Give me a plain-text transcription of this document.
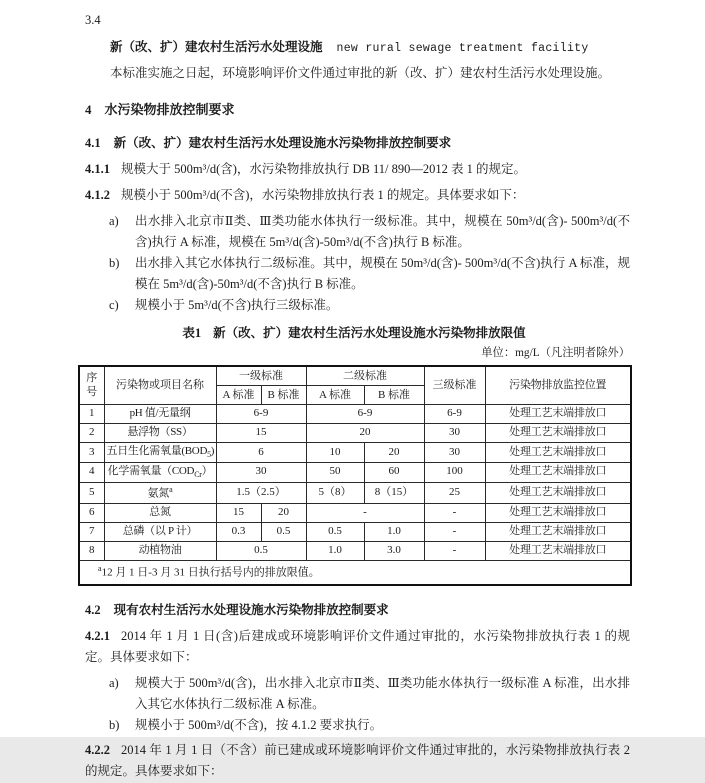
3.4

新（改、扩）建农村生活污水处理设施 new rural sewage treatment facility

本标准实施之日起，环境影响评价文件通过审批的新（改、扩）建农村生活污水处理设施。

4 水污染物排放控制要求
4.1 新（改、扩）建农村生活污水处理设施水污染物排放控制要求

4.1.1 规模大于 500m³/d(含)，水污染物排放执行 DB 11/ 890—2012 表 1 的规定。

4.1.2 规模小于 500m³/d(不含)，水污染物排放执行表 1 的规定。具体要求如下：

a)	出水排入北京市Ⅱ类、Ⅲ类功能水体执行一级标准。其中，规模在 50m³/d(含)- 500m³/d(不含)执行 A 标准，规模在 5m³/d(含)-50m³/d(不含)执行 B 标准。
b)	出水排入其它水体执行二级标准。其中，规模在 50m³/d(含)- 500m³/d(不含)执行 A 标准，规模在 5m³/d(含)-50m³/d(不含)执行 B 标准。
c)	规模小于 5m³/d(不含)执行三级标准。
表1 新（改、扩）建农村生活污水处理设施水污染物排放限值
单位：mg/L（凡注明者除外）
序号	污染物或项目名称	一级标准		二级标准		三级标准	污染物排放监控位置
		A 标准	B 标准	A 标准	B 标准		
1	pH 值/无量纲	6-9		6-9		6-9	处理工艺末端排放口
2	悬浮物（SS）	15		20		30	处理工艺末端排放口
3	五日生化需氧量$(BOD_5)$	6		10	20	30	处理工艺末端排放口
4	化学需氧量$(COD_{Cr})$	30		50	60	100	处理工艺末端排放口
5	氨氮$^a$	1.5（2.5）		5（8）	8（15）	25	处理工艺末端排放口
6	总氮	15	20	-		-	处理工艺末端排放口
7	总磷（以 P 计）	0.3	0.5	0.5	1.0	-	处理工艺末端排放口
8	动植物油	0.5		1.0	3.0	-	处理工艺末端排放口
$^a$12 月 1 日-3 月 31 日执行括号内的排放限值。							
4.2 现有农村生活污水处理设施水污染物排放控制要求

4.2.1 2014 年 1 月 1 日(含)后建成或环境影响评价文件通过审批的，水污染物排放执行表 1 的规定。具体要求如下：

a)	规模大于 500m³/d(含)，出水排入北京市Ⅱ类、Ⅲ类功能水体执行一级标准 A 标准，出水排入其它水体执行二级标准 A 标准。
b)	规模小于 500m³/d(不含)，按 4.1.2 要求执行。

4.2.2 2014 年 1 月 1 日（不含）前已建成或环境影响评价文件通过审批的，水污染物排放执行表 2 的规定。具体要求如下：
